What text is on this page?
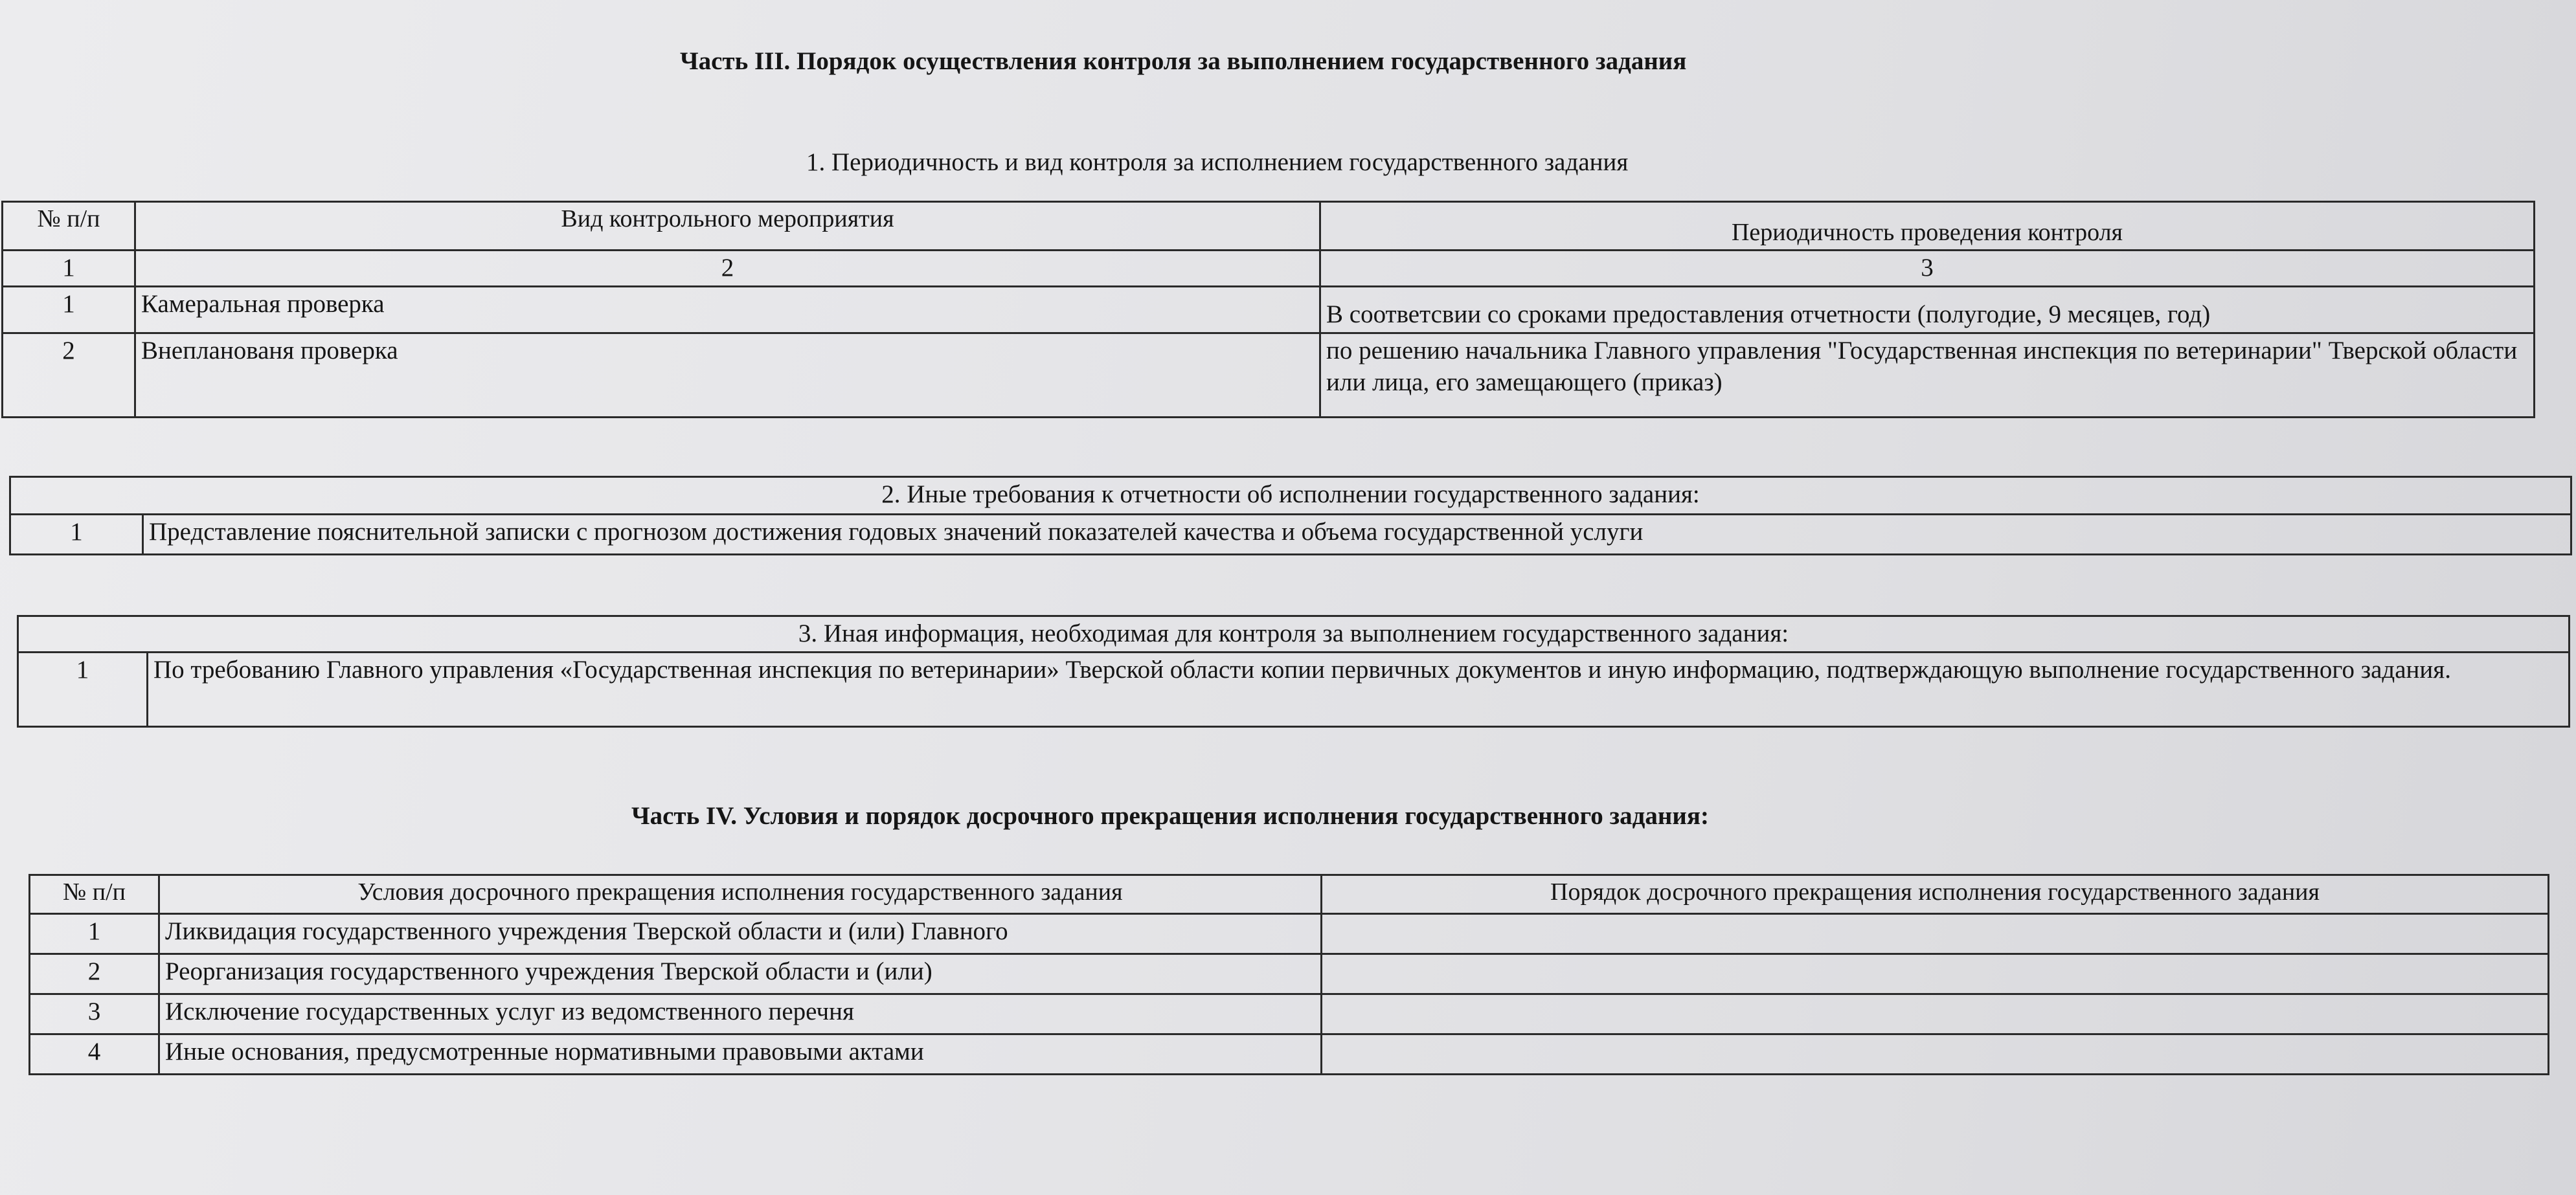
Часть III. Порядок осуществления контроля за выполнением государственного задания
1. Периодичность и вид контроля за исполнением государственного задания
№ п/п	Вид контрольного мероприятия	Периодичность проведения контроля
1	2	3
1	Камеральная проверка	В соответсвии со сроками предоставления отчетности (полугодие, 9 месяцев, год)
2	Внепланованя проверка	по решению начальника Главного управления "Государственная инспекция по ветеринарии" Тверской области или лица, его замещающего (приказ)
2. Иные требования к отчетности об исполнении государственного задания:
1	Представление пояснительной записки с прогнозом достижения годовых значений показателей качества и объема государственной услуги
3. Иная информация, необходимая для контроля за выполнением государственного задания:
1	По требованию Главного управления «Государственная инспекция по ветеринарии» Тверской области копии первичных документов и иную информацию, подтверждающую выполнение государственного задания.
Часть IV. Условия и порядок досрочного прекращения исполнения государственного задания:
№ п/п	Условия досрочного прекращения исполнения государственного задания	Порядок досрочного прекращения исполнения государственного задания
1	Ликвидация государственного учреждения Тверской области и (или) Главного	
2	Реорганизация государственного учреждения Тверской области и (или)	
3	Исключение государственных услуг из ведомственного перечня	
4	Иные основания, предусмотренные нормативными правовыми актами	
